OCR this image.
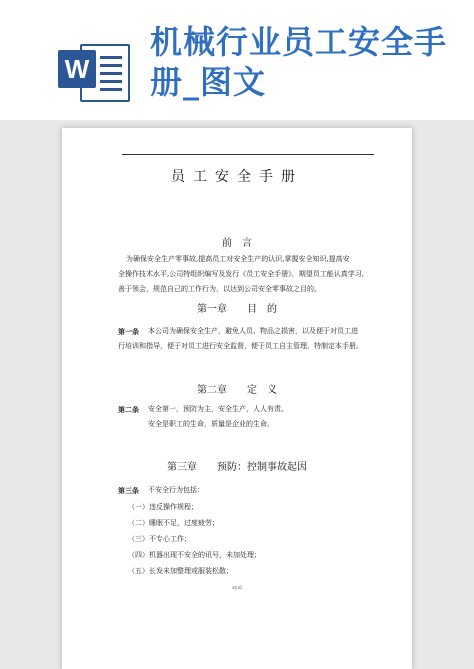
W
机械行业员工安全手册_图文
员工安全手册
前　言
为确保安全生产零事故,提高员工对安全生产的认识,掌握安全知识,提高安
全操作技术水平,公司特组织编写及发行《员工安全手册》，期望员工能认真学习,
善于领会，规范自己的工作行为，以达到公司安全零事故之目的。
第一章　　目　的
第一条 本公司为确保安全生产，避免人员、物品之损害，以及便于对员工进
行培训和指导，便于对员工进行安全监督，便于员工自主管理，特制定本手册。
第二章　　定　义
第二条 安全第一，预防为主，安全生产，人人有责。
安全是职工的生命，质量是企业的生命。
第三章　　预防：控制事故起因
第三条 不安全行为包括：
（一）违反操作规程；
（二）睡眠不足，过度疲劳；
（三）不专心工作；
（四）机器出现不安全的讯号，未加处理；
（五）长发未加整理或服装松散；
zyzl
